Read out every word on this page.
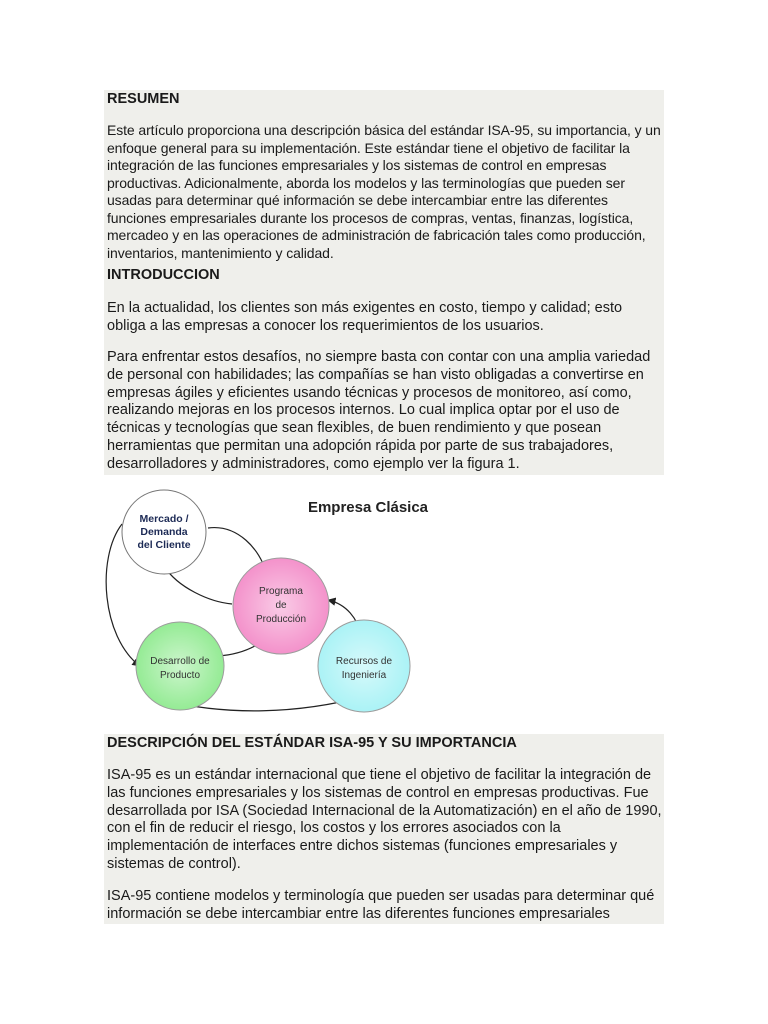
RESUMEN

Este artículo proporciona una descripción básica del estándar ISA-95, su importancia, y un enfoque general para su implementación. Este estándar tiene el objetivo de facilitar la integración de las funciones empresariales y los sistemas de control en empresas productivas. Adicionalmente, aborda los modelos y las terminologías que pueden ser usadas para determinar qué información se debe intercambiar entre las diferentes funciones empresariales durante los procesos de compras, ventas, finanzas, logística, mercadeo y en las operaciones de administración de fabricación tales como producción, inventarios, mantenimiento y calidad.

INTRODUCCION

En la actualidad, los clientes son más exigentes en costo, tiempo y calidad; esto obliga a las empresas a conocer los requerimientos de los usuarios.

Para enfrentar estos desafíos, no siempre basta con contar con una amplia variedad de personal con habilidades; las compañías se han visto obligadas a convertirse en empresas ágiles y eficientes usando técnicas y procesos de monitoreo, así como, realizando mejoras en los procesos internos. Lo cual implica optar por el uso de técnicas y tecnologías que sean flexibles, de buen rendimiento y que posean herramientas que permitan una adopción rápida por parte de sus trabajadores, desarrolladores y administradores, como ejemplo ver la figura 1.

Empresa Clásica
Mercado /
Demanda
del Cliente
Programa
de
Producción
Desarrollo de
Producto
Recursos de
Ingeniería
DESCRIPCIÓN DEL ESTÁNDAR ISA-95 Y SU IMPORTANCIA

ISA-95 es un estándar internacional que tiene el objetivo de facilitar la integración de las funciones empresariales y los sistemas de control en empresas productivas. Fue desarrollada por ISA (Sociedad Internacional de la Automatización) en el año de 1990, con el fin de reducir el riesgo, los costos y los errores asociados con la implementación de interfaces entre dichos sistemas (funciones empresariales y sistemas de control).

ISA-95 contiene modelos y terminología que pueden ser usadas para determinar qué información se debe intercambiar entre las diferentes funciones empresariales
